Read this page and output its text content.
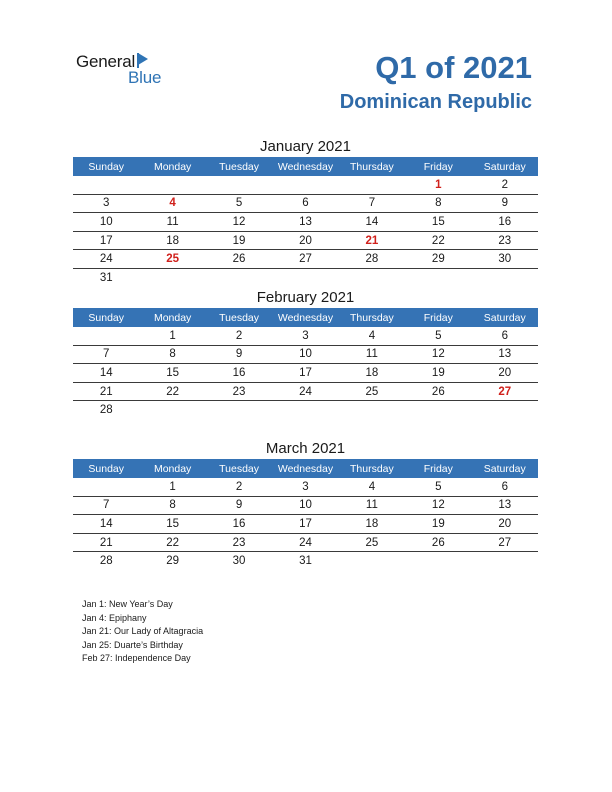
General
Blue	Q1 of 2021
Dominican Republic
January 2021
Sunday	Monday	Tuesday	Wednesday	Thursday	Friday	Saturday
					1	2
3	4	5	6	7	8	9
10	11	12	13	14	15	16
17	18	19	20	21	22	23
24	25	26	27	28	29	30
31						
February 2021
Sunday	Monday	Tuesday	Wednesday	Thursday	Friday	Saturday
	1	2	3	4	5	6
7	8	9	10	11	12	13
14	15	16	17	18	19	20
21	22	23	24	25	26	27
28						
March 2021
Sunday	Monday	Tuesday	Wednesday	Thursday	Friday	Saturday
	1	2	3	4	5	6
7	8	9	10	11	12	13
14	15	16	17	18	19	20
21	22	23	24	25	26	27
28	29	30	31			
Jan 1: New Year’s Day
Jan 4: Epiphany
Jan 21: Our Lady of Altagracia
Jan 25: Duarte’s Birthday
Feb 27: Independence Day
